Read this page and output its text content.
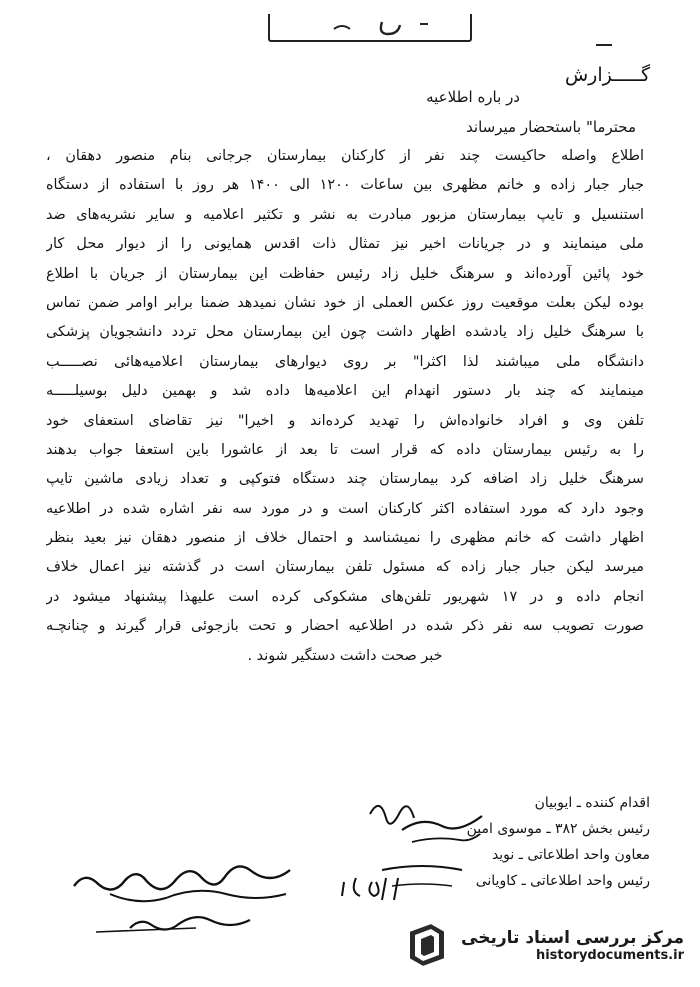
گـــــزارش
در باره اطلاعیه
محترما" باستحضار میرساند
اطلاع واصله حاکیست چند نفر از کارکنان بیمارستان جرجانی بنام منصور دهقان ،
جبار جبار زاده و خانم مظهری بین ساعات ۱۲۰۰ الی ۱۴۰۰ هر روز با استفاده از دستگاه
استنسیل و تایپ بیمارستان مزبور مبادرت به نشر و تکثیر اعلامیه و سایر نشریه‌های ضد
ملی مینمایند و در جریانات اخیر نیز تمثال ذات اقدس همایونی را از دیوار محل کار
خود پائین آورده‌اند و سرهنگ خلیل زاد رئیس حفاظت این بیمارستان از جریان با اطلاع
بوده لیکن بعلت موقعیت روز عکس العملی از خود نشان نمیدهد ضمنا برابر اوامر ضمن تماس
با سرهنگ خلیل زاد یادشده اظهار داشت چون این بیمارستان محل تردد دانشجویان پزشکی
دانشگاه ملی میباشند لذا اکثرا" بر روی دیوارهای بیمارستان اعلامیه‌هائی نصـــــب
مینمایند که چند بار دستور انهدام این اعلامیه‌ها داده شد و بهمین دلیل بوسیلـــــه
تلفن وی و افراد خانواده‌اش را تهدید کرده‌اند و اخیرا" نیز تقاضای استعفای خود
را به رئیس بیمارستان داده که قرار است تا بعد از عاشورا باین استعفا جواب بدهند
سرهنگ خلیل زاد اضافه کرد بیمارستان چند دستگاه فتوکپی و تعداد زیادی ماشین تایپ
وجود دارد که مورد استفاده اکثر کارکنان است و در مورد سه نفر اشاره شده در اطلاعیه
اظهار داشت که خانم مظهری را نمیشناسد و احتمال خلاف از منصور دهقان نیز بعید بنظر
میرسد لیکن جبار جبار زاده که مسئول تلفن بیمارستان است در گذشته نیز اعمال خلاف
انجام داده و در ۱۷ شهریور تلفن‌های مشکوکی کرده است علیهذا پیشنهاد میشود در
صورت تصویب سه نفر ذکر شده در اطلاعیه احضار و تحت بازجوئی قرار گیرند و چنانچـه
خبر صحت داشت دستگیر شوند .
اقدام کننده ـ ایوبیان
رئیس بخش ۳۸۲ ـ موسوی امین
معاون واحد اطلاعاتی ـ نوید
رئیس واحد اطلاعاتی ـ کاویانی
مرکز بررسی اسناد تاریخی
historydocuments.ir
